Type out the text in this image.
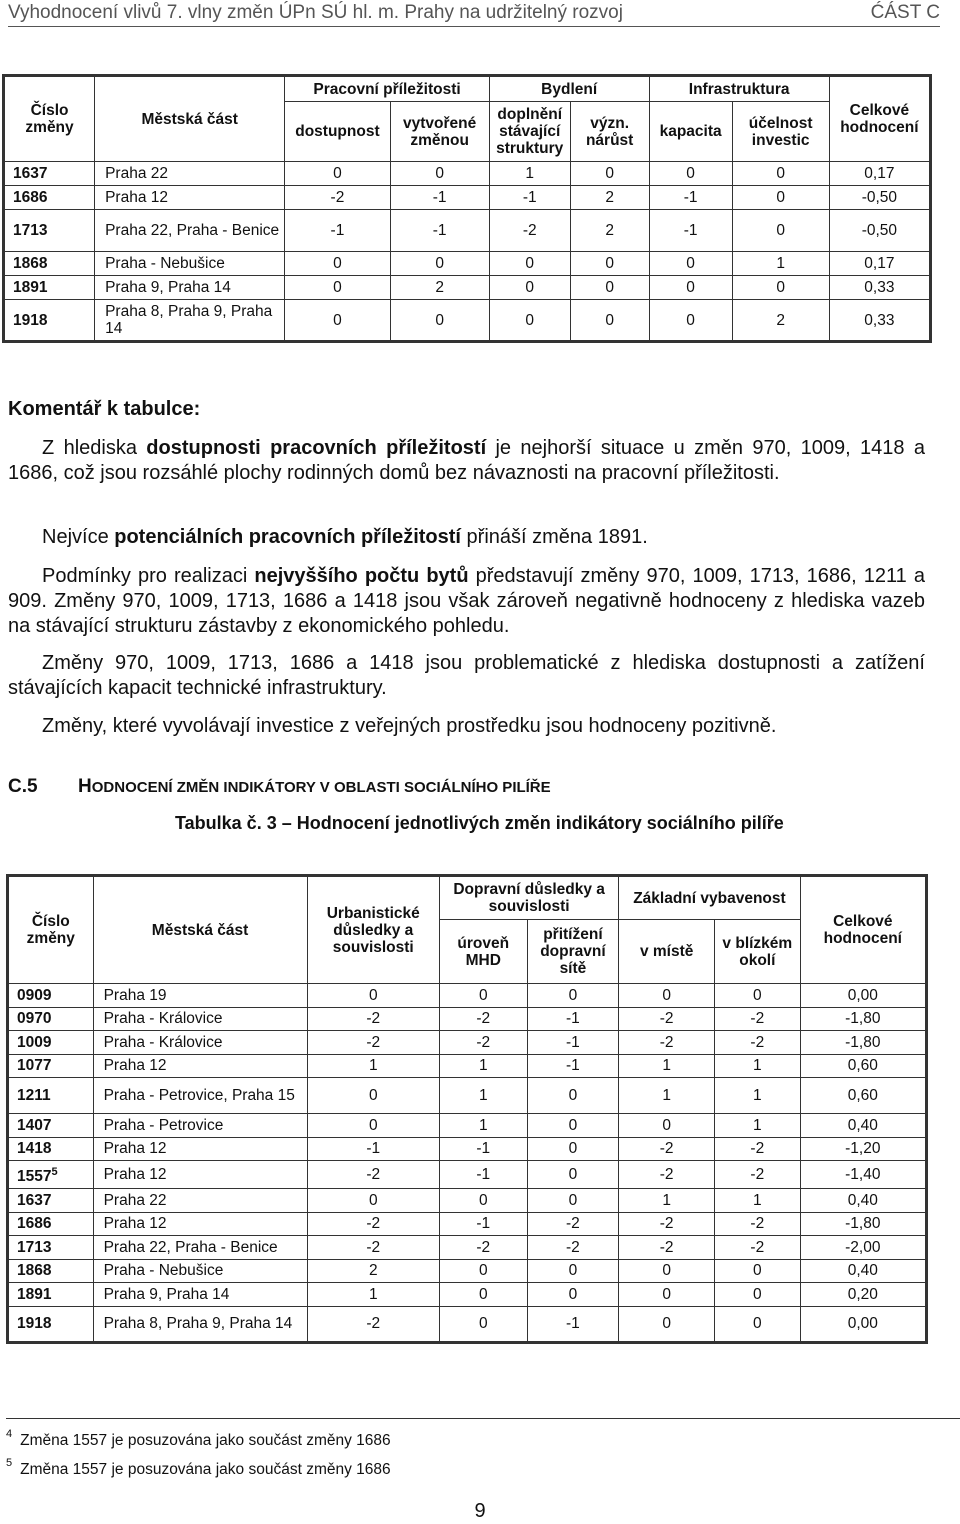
Vyhodnocení vlivů 7. vlny změn ÚPn SÚ hl. m. Prahy na udržitelný rozvoj	ĆÁST C
Číslo změny	Městská část	Pracovní příležitosti		Bydlení		Infrastruktura		Celkové hodnocení
		dostupnost	vytvořené změnou	doplnění stávající struktury	význ. nárůst	kapacita	účelnost investic	
1637	Praha 22	0	0	1	0	0	0	0,17
1686	Praha 12	-2	-1	-1	2	-1	0	-0,50
1713	Praha 22, Praha - Benice	-1	-1	-2	2	-1	0	-0,50
1868	Praha - Nebušice	0	0	0	0	0	1	0,17
1891	Praha 9, Praha 14	0	2	0	0	0	0	0,33
1918	Praha 8, Praha 9, Praha 14	0	0	0	0	0	2	0,33
Komentář k tabulce:

Z hlediska dostupnosti pracovních příležitostí je nejhorší situace u změn 970, 1009, 1418 a 1686, což jsou rozsáhlé plochy rodinných domů bez návaznosti na pracovní příležitosti.

Nejvíce potenciálních pracovních příležitostí přináší změna 1891.

Podmínky pro realizaci nejvyššího počtu bytů představují změny 970, 1009, 1713, 1686, 1211 a 909. Změny 970, 1009, 1713, 1686 a 1418 jsou však zároveň negativně hodnoceny z hlediska vazeb na stávající strukturu zástavby z ekonomického pohledu.

Změny 970, 1009, 1713, 1686 a 1418 jsou problematické z hlediska dostupnosti a zatížení stávajících kapacit technické infrastruktury.

Změny, které vyvolávají investice z veřejných prostředku jsou hodnoceny pozitivně.

C.5 HODNOCENÍ ZMĚN INDIKÁTORY V OBLASTI SOCIÁLNÍHO PILÍŘE
Tabulka č. 3 – Hodnocení jednotlivých změn indikátory sociálního pilíře
Číslo změny	Městská část	Urbanistické důsledky a souvislosti	Dopravní důsledky a souvislosti		Základní vybavenost		Celkové hodnocení
			úroveň MHD	přitížení dopravní sítě	v místě	v blízkém okolí	
0909	Praha 19	0	0	0	0	0	0,00
0970	Praha - Královice	-2	-2	-1	-2	-2	-1,80
1009	Praha - Královice	-2	-2	-1	-2	-2	-1,80
1077	Praha 12	1	1	-1	1	1	0,60
1211	Praha - Petrovice, Praha 15	0	1	0	1	1	0,60
1407	Praha - Petrovice	0	1	0	0	1	0,40
1418	Praha 12	-1	-1	0	-2	-2	-1,20
1557$^5$	Praha 12	-2	-1	0	-2	-2	-1,40
1637	Praha 22	0	0	0	1	1	0,40
1686	Praha 12	-2	-1	-2	-2	-2	-1,80
1713	Praha 22, Praha - Benice	-2	-2	-2	-2	-2	-2,00
1868	Praha - Nebušice	2	0	0	0	0	0,40
1891	Praha 9, Praha 14	1	0	0	0	0	0,20
1918	Praha 8, Praha 9, Praha 14	-2	0	-1	0	0	0,00
$^4$ Změna 1557 je posuzována jako součást změny 1686
$^5$ Změna 1557 je posuzována jako součást změny 1686
9
